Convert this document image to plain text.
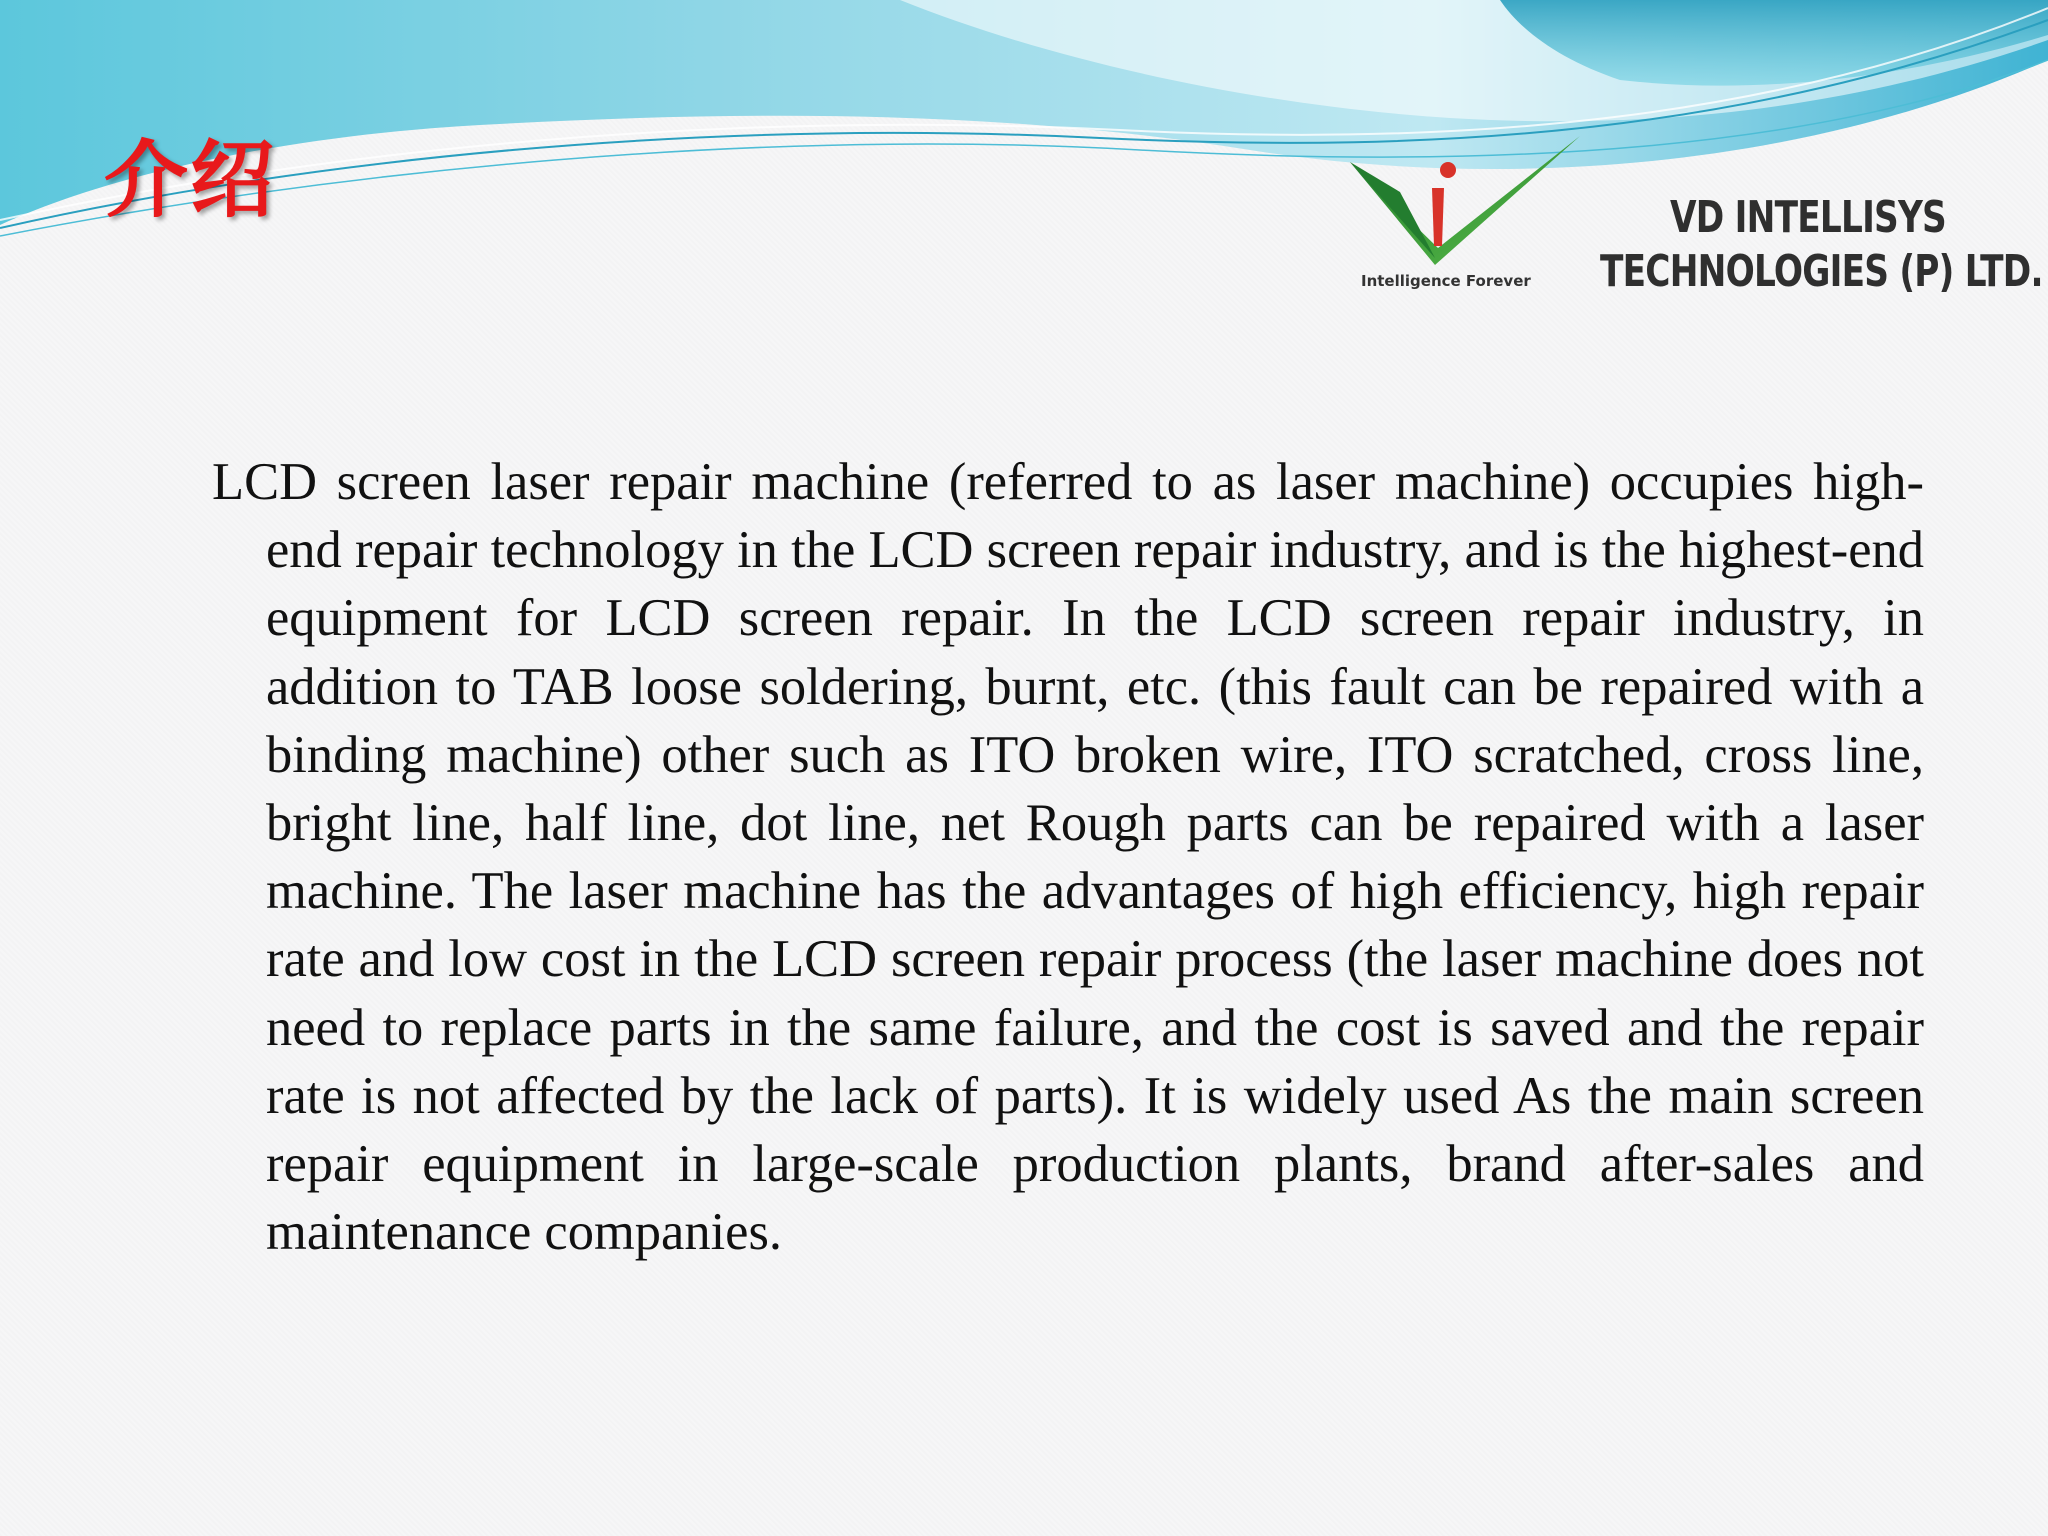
介绍
Intelligence Forever
VD INTELLISYS
TECHNOLOGIES (P) LTD.

LCD screen laser repair machine (referred to as laser machine) occupies high-end repair technology in the LCD screen repair industry, and is the highest-end equipment for LCD screen repair. In the LCD screen repair industry, in addition to TAB loose soldering, burnt, etc. (this fault can be repaired with a binding machine) other such as ITO broken wire, ITO scratched, cross line, bright line, half line, dot line, net Rough parts can be repaired with a laser machine. The laser machine has the advantages of high efficiency, high repair rate and low cost in the LCD screen repair process (the laser machine does not need to replace parts in the same failure, and the cost is saved and the repair rate is not affected by the lack of parts). It is widely used As the main screen repair equipment in large-scale production plants, brand after-sales and maintenance companies.
